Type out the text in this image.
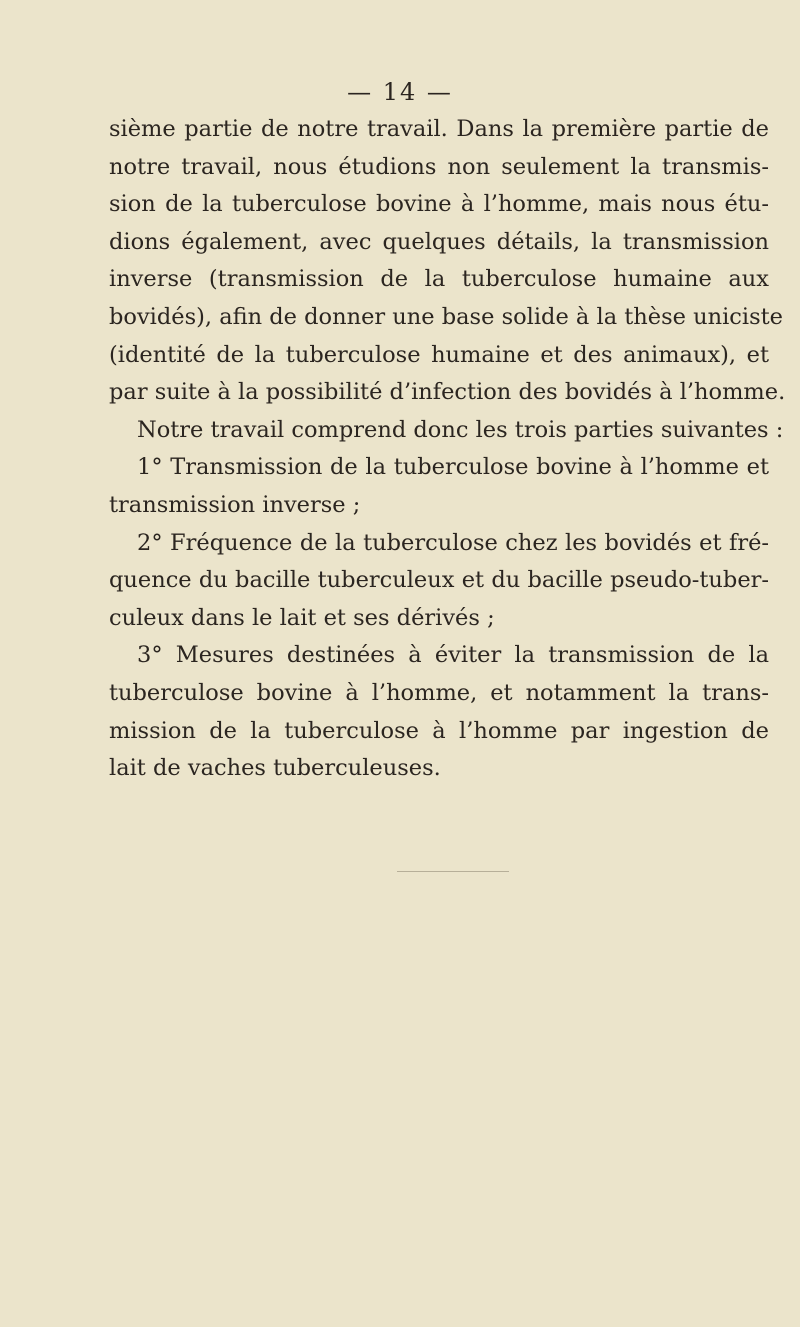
— 14 —
sième partie de notre travail. Dans la première partie de
notre travail, nous étudions non seulement la transmis-
sion de la tuberculose bovine à l’homme, mais nous étu-
dions également, avec quelques détails, la transmission
inverse (transmission de la tuberculose humaine aux
bovidés), afin de donner une base solide à la thèse uniciste
(identité de la tuberculose humaine et des animaux), et
par suite à la possibilité d’infection des bovidés à l’homme.
Notre travail comprend donc les trois parties suivantes :
1° Transmission de la tuberculose bovine à l’homme et
transmission inverse ;
2° Fréquence de la tuberculose chez les bovidés et fré-
quence du bacille tuberculeux et du bacille pseudo-tuber-
culeux dans le lait et ses dérivés ;
3° Mesures destinées à éviter la transmission de la
tuberculose bovine à l’homme, et notamment la trans-
mission de la tuberculose à l’homme par ingestion de
lait de vaches tuberculeuses.
